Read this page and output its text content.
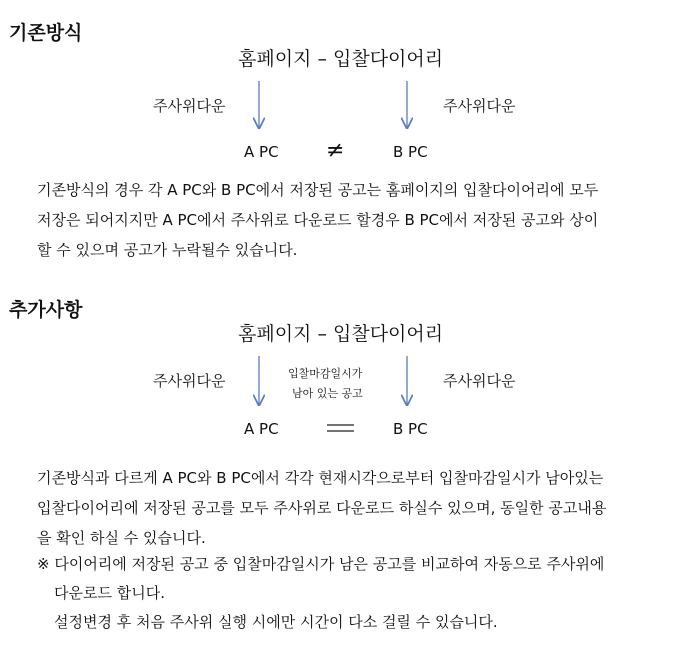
기존방식
홈페이지 – 입찰다이어리
주사위다운	주사위다운
A PC ≠	B PC

기존방식의 경우 각 A PC와 B PC에서 저장된 공고는 홈페이지의 입찰다이어리에 모두

저장은 되어지지만 A PC에서 주사위로 다운로드 할경우 B PC에서 저장된 공고와 상이

할 수 있으며 공고가 누락될수 있습니다.

추가사항
홈페이지 – 입찰다이어리
주사위다운	주사위다운
입찰마감일시가
남아 있는 공고
A PC	B PC

기존방식과 다르게 A PC와 B PC에서 각각 현재시각으로부터 입찰마감일시가 남아있는

입찰다이어리에 저장된 공고를 모두 주사위로 다운로드 하실수 있으며, 동일한 공고내용

을 확인 하실 수 있습니다.

※ 다이어리에 저장된 공고 중 입찰마감일시가 남은 공고를 비교하여 자동으로 주사위에
다운로드 합니다.
설정변경 후 처음 주사위 실행 시에만 시간이 다소 걸릴 수 있습니다.
